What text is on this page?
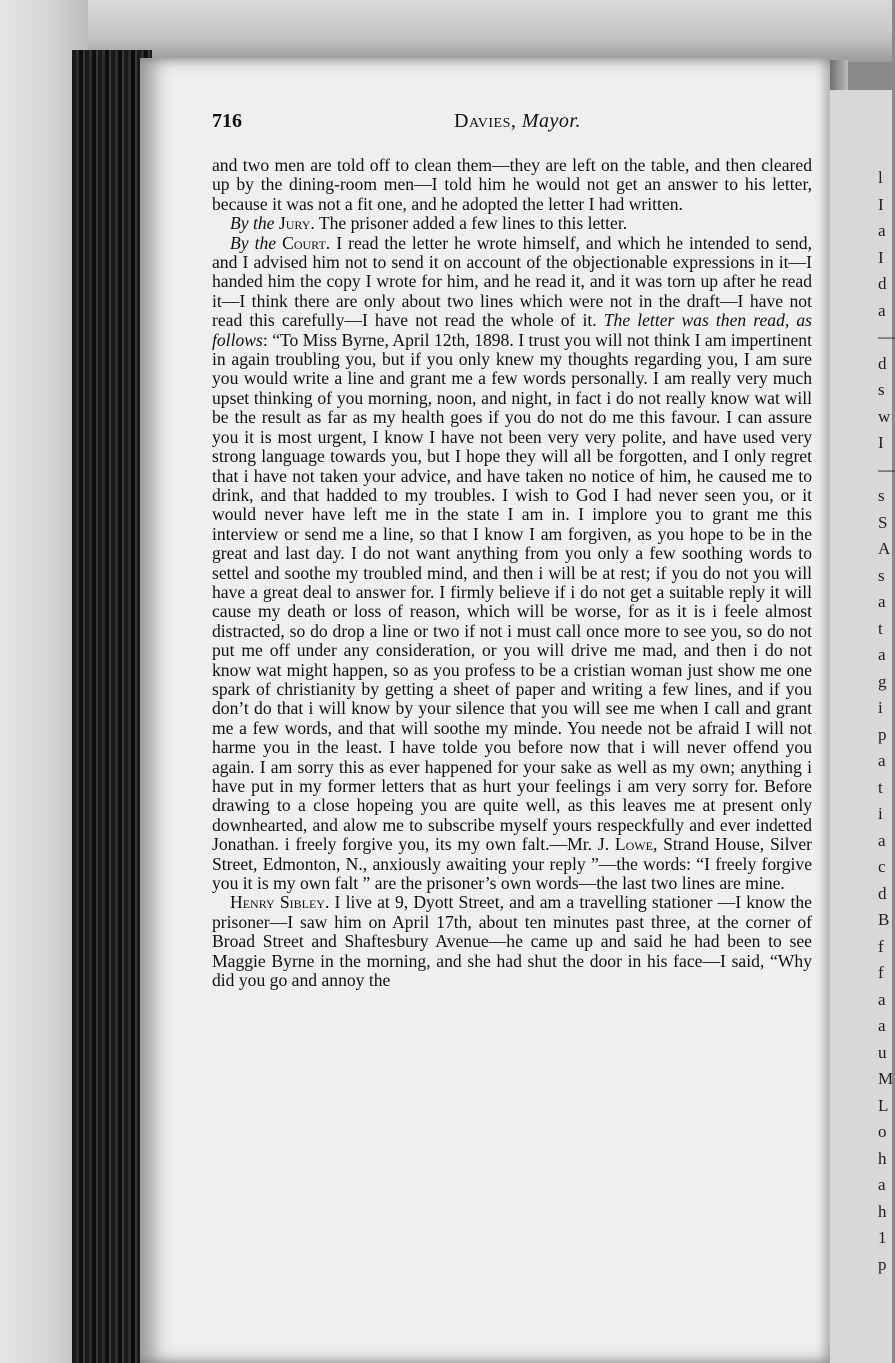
l
I
a
I
d
a
—
d
s
w
I
—
s
S
A
s
a
t
a
g
i
p
a
t
i
a
c
d
B
f
f
a
a
u
M
L
o
h
a
h
1
p
716	Davies, Mayor.

and two men are told off to clean them—they are left on the table, and then cleared up by the dining-room men—I told him he would not get an answer to his letter, because it was not a fit one, and he adopted the letter I had written.

By the Jury. The prisoner added a few lines to this letter.

By the Court. I read the letter he wrote himself, and which he intended to send, and I advised him not to send it on account of the objectionable expressions in it—I handed him the copy I wrote for him, and he read it, and it was torn up after he read it—I think there are only about two lines which were not in the draft—I have not read this carefully—I have not read the whole of it. The letter was then read, as follows: “To Miss Byrne, April 12th, 1898. I trust you will not think I am impertinent in again troubling you, but if you only knew my thoughts regarding you, I am sure you would write a line and grant me a few words personally. I am really very much upset thinking of you morning, noon, and night, in fact i do not really know wat will be the result as far as my health goes if you do not do me this favour. I can assure you it is most urgent, I know I have not been very very polite, and have used very strong language towards you, but I hope they will all be forgotten, and I only regret that i have not taken your advice, and have taken no notice of him, he caused me to drink, and that hadded to my troubles. I wish to God I had never seen you, or it would never have left me in the state I am in. I implore you to grant me this interview or send me a line, so that I know I am forgiven, as you hope to be in the great and last day. I do not want anything from you only a few soothing words to settel and soothe my troubled mind, and then i will be at rest; if you do not you will have a great deal to answer for. I firmly believe if i do not get a suitable reply it will cause my death or loss of reason, which will be worse, for as it is i feele almost distracted, so do drop a line or two if not i must call once more to see you, so do not put me off under any consideration, or you will drive me mad, and then i do not know wat might happen, so as you profess to be a cristian woman just show me one spark of christianity by getting a sheet of paper and writing a few lines, and if you don’t do that i will know by your silence that you will see me when I call and grant me a few words, and that will soothe my minde. You neede not be afraid I will not harme you in the least. I have tolde you before now that i will never offend you again. I am sorry this as ever happened for your sake as well as my own; anything i have put in my former letters that as hurt your feelings i am very sorry for. Before drawing to a close hopeing you are quite well, as this leaves me at present only downhearted, and alow me to subscribe myself yours respeckfully and ever indetted Jonathan. i freely forgive you, its my own falt.—Mr. J. Lowe, Strand House, Silver Street, Edmonton, N., anxiously awaiting your reply ”—the words: “I freely forgive you it is my own falt ” are the prisoner’s own words—the last two lines are mine.

Henry Sibley. I live at 9, Dyott Street, and am a travelling stationer —I know the prisoner—I saw him on April 17th, about ten minutes past three, at the corner of Broad Street and Shaftesbury Avenue—he came up and said he had been to see Maggie Byrne in the morning, and she had shut the door in his face—I said, “Why did you go and annoy the
